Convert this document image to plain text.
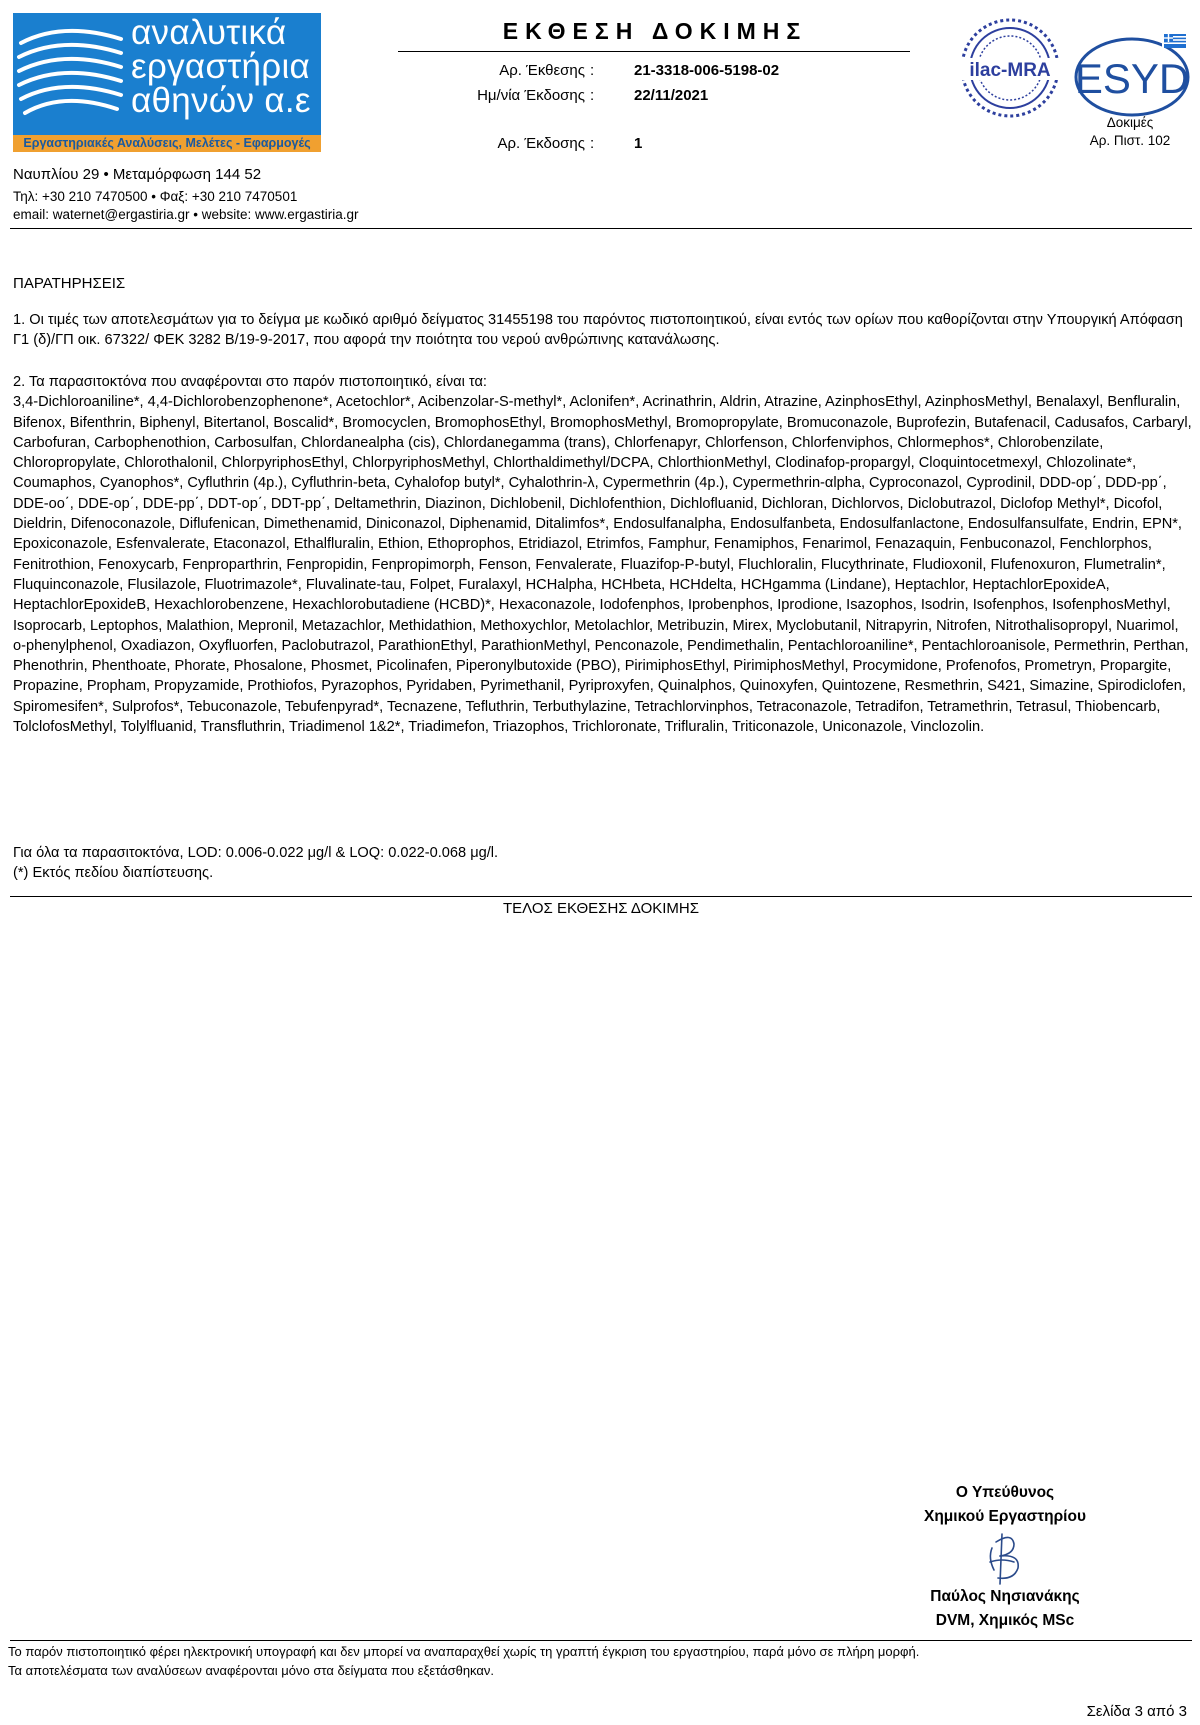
αναλυτικά
εργαστήρια
αθηνών α.ε
Εργαστηριακές Αναλύσεις, Μελέτες - Εφαρμογές
Ναυπλίου 29 • Μεταμόρφωση 144 52
Τηλ: +30 210 7470500 • Φαξ: +30 210 7470501
email: waternet@ergastiria.gr • website: www.ergastiria.gr
ΕΚΘΕΣΗ ΔΟΚΙΜΗΣ
Αρ. Έκθεσης :	21-3318-006-5198-02
Ημ/νία Έκδοσης :	22/11/2021
Αρ. Έκδοσης :	1
ilac-MRA ESYD
Δοκιμές
Αρ. Πιστ. 102
ΠΑΡΑΤΗΡΗΣΕΙΣ
1. Οι τιμές των αποτελεσμάτων για το δείγμα με κωδικό αριθμό δείγματος 31455198 του παρόντος πιστοποιητικού, είναι εντός των ορίων που καθορίζονται στην Υπουργική Απόφαση Γ1 (δ)/ΓΠ οικ. 67322/ ΦΕΚ 3282 Β/19-9-2017, που αφορά την ποιότητα του νερού ανθρώπινης κατανάλωσης.
2. Τα παρασιτοκτόνα που αναφέρονται στο παρόν πιστοποιητικό, είναι τα:
3,4-Dichloroaniline*, 4,4-Dichlorobenzophenone*, Acetochlor*, Acibenzolar-S-methyl*, Aclonifen*, Acrinathrin, Aldrin, Atrazine, AzinphosEthyl, AzinphosMethyl, Benalaxyl, Benfluralin, Bifenox, Bifenthrin, Biphenyl, Bitertanol, Boscalid*, Bromocyclen, BromophosEthyl, BromophosMethyl, Bromopropylate, Bromuconazole, Buprofezin, Butafenacil, Cadusafos, Carbaryl, Carbofuran, Carbophenothion, Carbosulfan, Chlordanealpha (cis), Chlordanegamma (trans), Chlorfenapyr, Chlorfenson, Chlorfenviphos, Chlormephos*, Chlorobenzilate, Chloropropylate, Chlorothalonil, ChlorpyriphosEthyl, ChlorpyriphosMethyl, Chlorthaldimethyl/DCPA, ChlorthionMethyl, Clodinafop-propargyl, Cloquintocetmexyl, Chlozolinate*, Coumaphos, Cyanophos*, Cyfluthrin (4p.), Cyfluthrin-beta, Cyhalofop butyl*, Cyhalothrin-λ, Cypermethrin (4p.), Cypermethrin-αlpha, Cyproconazol, Cyprodinil, DDD-op΄, DDD-pp΄, DDE-oo΄, DDE-op΄, DDE-pp΄, DDT-op΄, DDT-pp΄, Deltamethrin, Diazinon, Dichlobenil, Dichlofenthion, Dichlofluanid, Dichloran, Dichlorvos, Diclobutrazol, Diclofop Methyl*, Dicofol, Dieldrin, Difenoconazole, Diflufenican, Dimethenamid, Diniconazol, Diphenamid, Ditalimfos*, Endosulfanalpha, Endosulfanbeta, Endosulfanlactone, Endosulfansulfate, Endrin, EPN*, Epoxiconazole, Esfenvalerate, Etaconazol, Ethalfluralin, Ethion, Ethoprophos, Etridiazol, Etrimfos, Famphur, Fenamiphos, Fenarimol, Fenazaquin, Fenbuconazol, Fenchlorphos, Fenitrothion, Fenoxycarb, Fenproparthrin, Fenpropidin, Fenpropimorph, Fenson, Fenvalerate, Fluazifop-P-butyl, Fluchloralin, Flucythrinate, Fludioxonil, Flufenoxuron, Flumetralin*, Fluquinconazole, Flusilazole, Fluotrimazole*, Fluvalinate-tau, Folpet, Furalaxyl, HCHalpha, HCHbeta, HCHdelta, HCHgamma (Lindane), Heptachlor, HeptachlorEpoxideA, HeptachlorEpoxideB, Hexachlorobenzene, Hexachlorobutadiene (HCBD)*, Hexaconazole, Iodofenphos, Iprobenphos, Iprodione, Isazophos, Isodrin, Isofenphos, IsofenphosMethyl, Isoprocarb, Leptophos, Malathion, Mepronil, Metazachlor, Methidathion, Methoxychlor, Metolachlor, Metribuzin, Mirex, Myclobutanil, Nitrapyrin, Nitrofen, Nitrothalisopropyl, Nuarimol, o-phenylphenol, Oxadiazon, Oxyfluorfen, Paclobutrazol, ParathionEthyl, ParathionMethyl, Penconazole, Pendimethalin, Pentachloroaniline*, Pentachloroanisole, Permethrin, Perthan, Phenothrin, Phenthoate, Phorate, Phosalone, Phosmet, Picolinafen, Piperonylbutoxide (PBO), PirimiphosEthyl, PirimiphosMethyl, Procymidone, Profenofos, Prometryn, Propargite, Propazine, Propham, Propyzamide, Prothiofos, Pyrazophos, Pyridaben, Pyrimethanil, Pyriproxyfen, Quinalphos, Quinoxyfen, Quintozene, Resmethrin, S421, Simazine, Spirodiclofen, Spiromesifen*, Sulprofos*, Tebuconazole, Tebufenpyrad*, Tecnazene, Tefluthrin, Terbuthylazine, Tetrachlorvinphos, Tetraconazole, Tetradifon, Tetramethrin, Tetrasul, Thiobencarb, TolclofosMethyl, Tolylfluanid, Transfluthrin, Triadimenol 1&2*, Triadimefon, Triazophos, Trichloronate, Trifluralin, Triticonazole, Uniconazole, Vinclozolin.
Για όλα τα παρασιτοκτόνα, LOD: 0.006-0.022 μg/l & LOQ: 0.022-0.068 μg/l.
(*) Εκτός πεδίου διαπίστευσης.
ΤΕΛΟΣ ΕΚΘΕΣΗΣ ΔΟΚΙΜΗΣ
Ο Υπεύθυνος
Χημικού Εργαστηρίου
Παύλος Νησιανάκης
DVM, Χημικός MSc
Το παρόν πιστοποιητικό φέρει ηλεκτρονική υπογραφή και δεν μπορεί να αναπαραχθεί χωρίς τη γραπτή έγκριση του εργαστηρίου, παρά μόνο σε πλήρη μορφή.
Τα αποτελέσματα των αναλύσεων αναφέρονται μόνο στα δείγματα που εξετάσθηκαν.
Σελίδα 3 από 3
